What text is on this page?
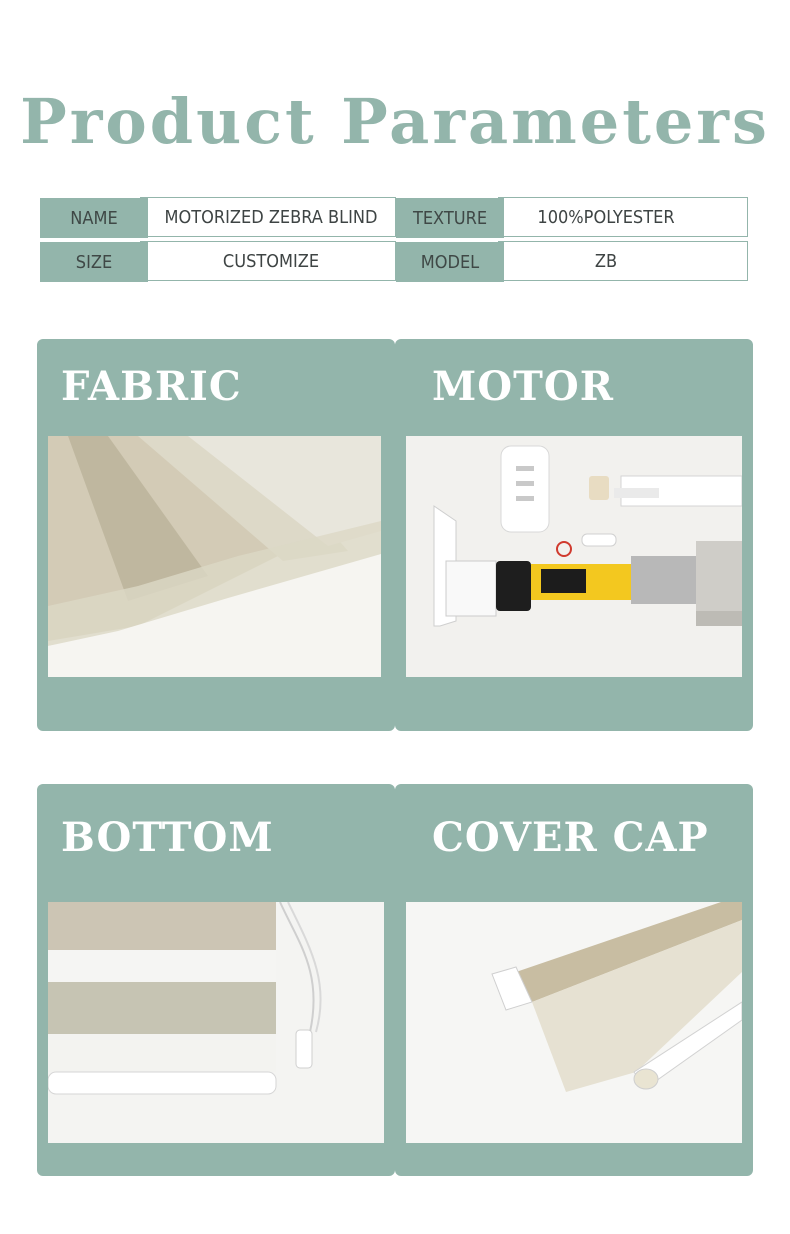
Product Parameters
NAME	MOTORIZED ZEBRA BLIND	TEXTURE	100%POLYESTER
SIZE	CUSTOMIZE	MODEL	ZB
FABRIC	MOTOR
BOTTOM	COVER CAP
